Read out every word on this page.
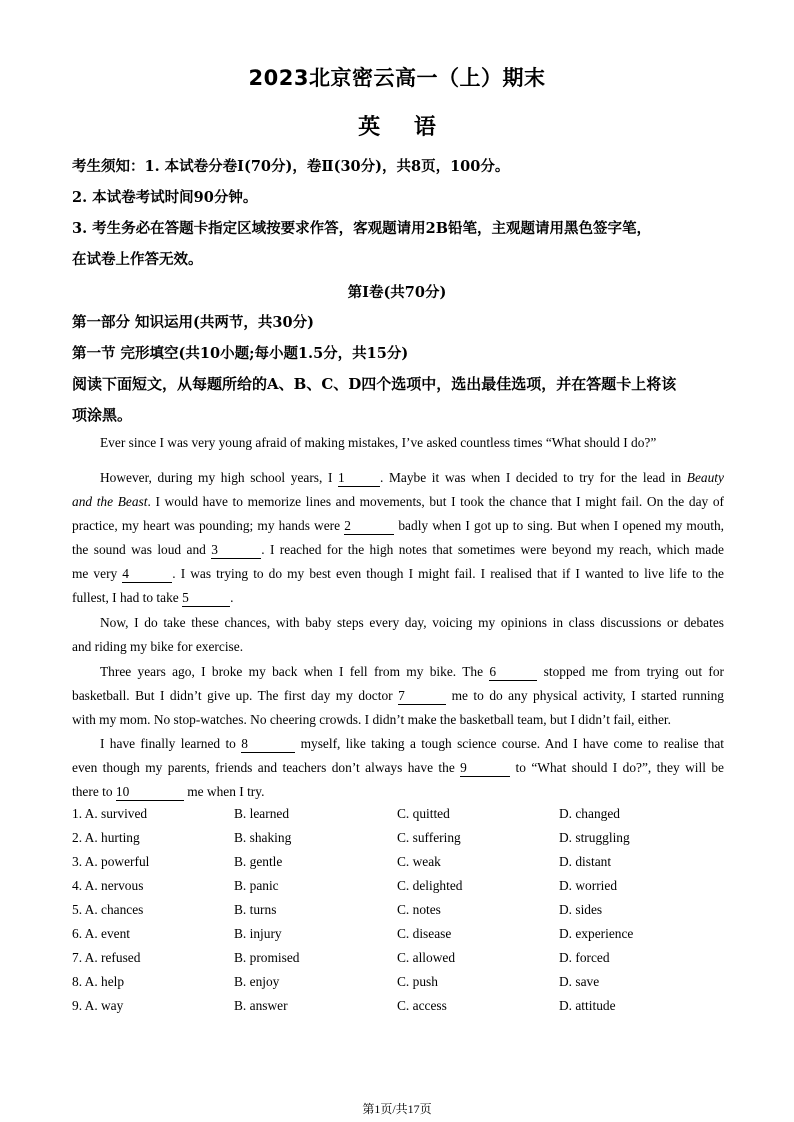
2023北京密云高一（上）期末
英 语
考生须知：1. 本试卷分卷Ⅰ(70分)，卷Ⅱ(30分)，共8页，100分。
2. 本试卷考试时间90分钟。
3. 考生务必在答题卡指定区域按要求作答，客观题请用2B铅笔，主观题请用黑色签字笔，
在试卷上作答无效。
第Ⅰ卷(共70分)
第一部分 知识运用(共两节，共30分)
第一节 完形填空(共10小题;每小题1.5分，共15分)
阅读下面短文，从每题所给的A、B、C、D四个选项中，选出最佳选项，并在答题卡上将该
项涂黑。
Ever since I was very young afraid of making mistakes, I’ve asked countless times “What should I do?”
However, during my high school years, I 1	. Maybe it was when I decided to try for the lead in Beauty
and the Beast. I would have to memorize lines and movements, but I took the chance that I might fail. On the day of
practice, my heart was pounding; my hands were 2	badly when I got up to sing. But when I opened my mouth,
the sound was loud and 3	. I reached for the high notes that sometimes were beyond my reach, which made
me very 4	. I was trying to do my best even though I might fail. I realised that if I wanted to live life to the
fullest, I had to take 5	.
Now, I do take these chances, with baby steps every day, voicing my opinions in class discussions or debates
and riding my bike for exercise.
Three years ago, I broke my back when I fell from my bike. The 6	stopped me from trying out for
basketball. But I didn’t give up. The first day my doctor 7	me to do any physical activity, I started running
with my mom. No stop-watches. No cheering crowds. I didn’t make the basketball team, but I didn’t fail, either.
I have finally learned to 8	myself, like taking a tough science course. And I have come to realise that
even though my parents, friends and teachers don’t always have the 9	to “What should I do?”, they will be
there to 10	me when I try.
1. A. survived	B. learned	C. quitted	D. changed
2. A. hurting	B. shaking	C. suffering	D. struggling
3. A. powerful	B. gentle	C. weak	D. distant
4. A. nervous	B. panic	C. delighted	D. worried
5. A. chances	B. turns	C. notes	D. sides
6. A. event	B. injury	C. disease	D. experience
7. A. refused	B. promised	C. allowed	D. forced
8. A. help	B. enjoy	C. push	D. save
9. A. way	B. answer	C. access	D. attitude
第1页/共17页
